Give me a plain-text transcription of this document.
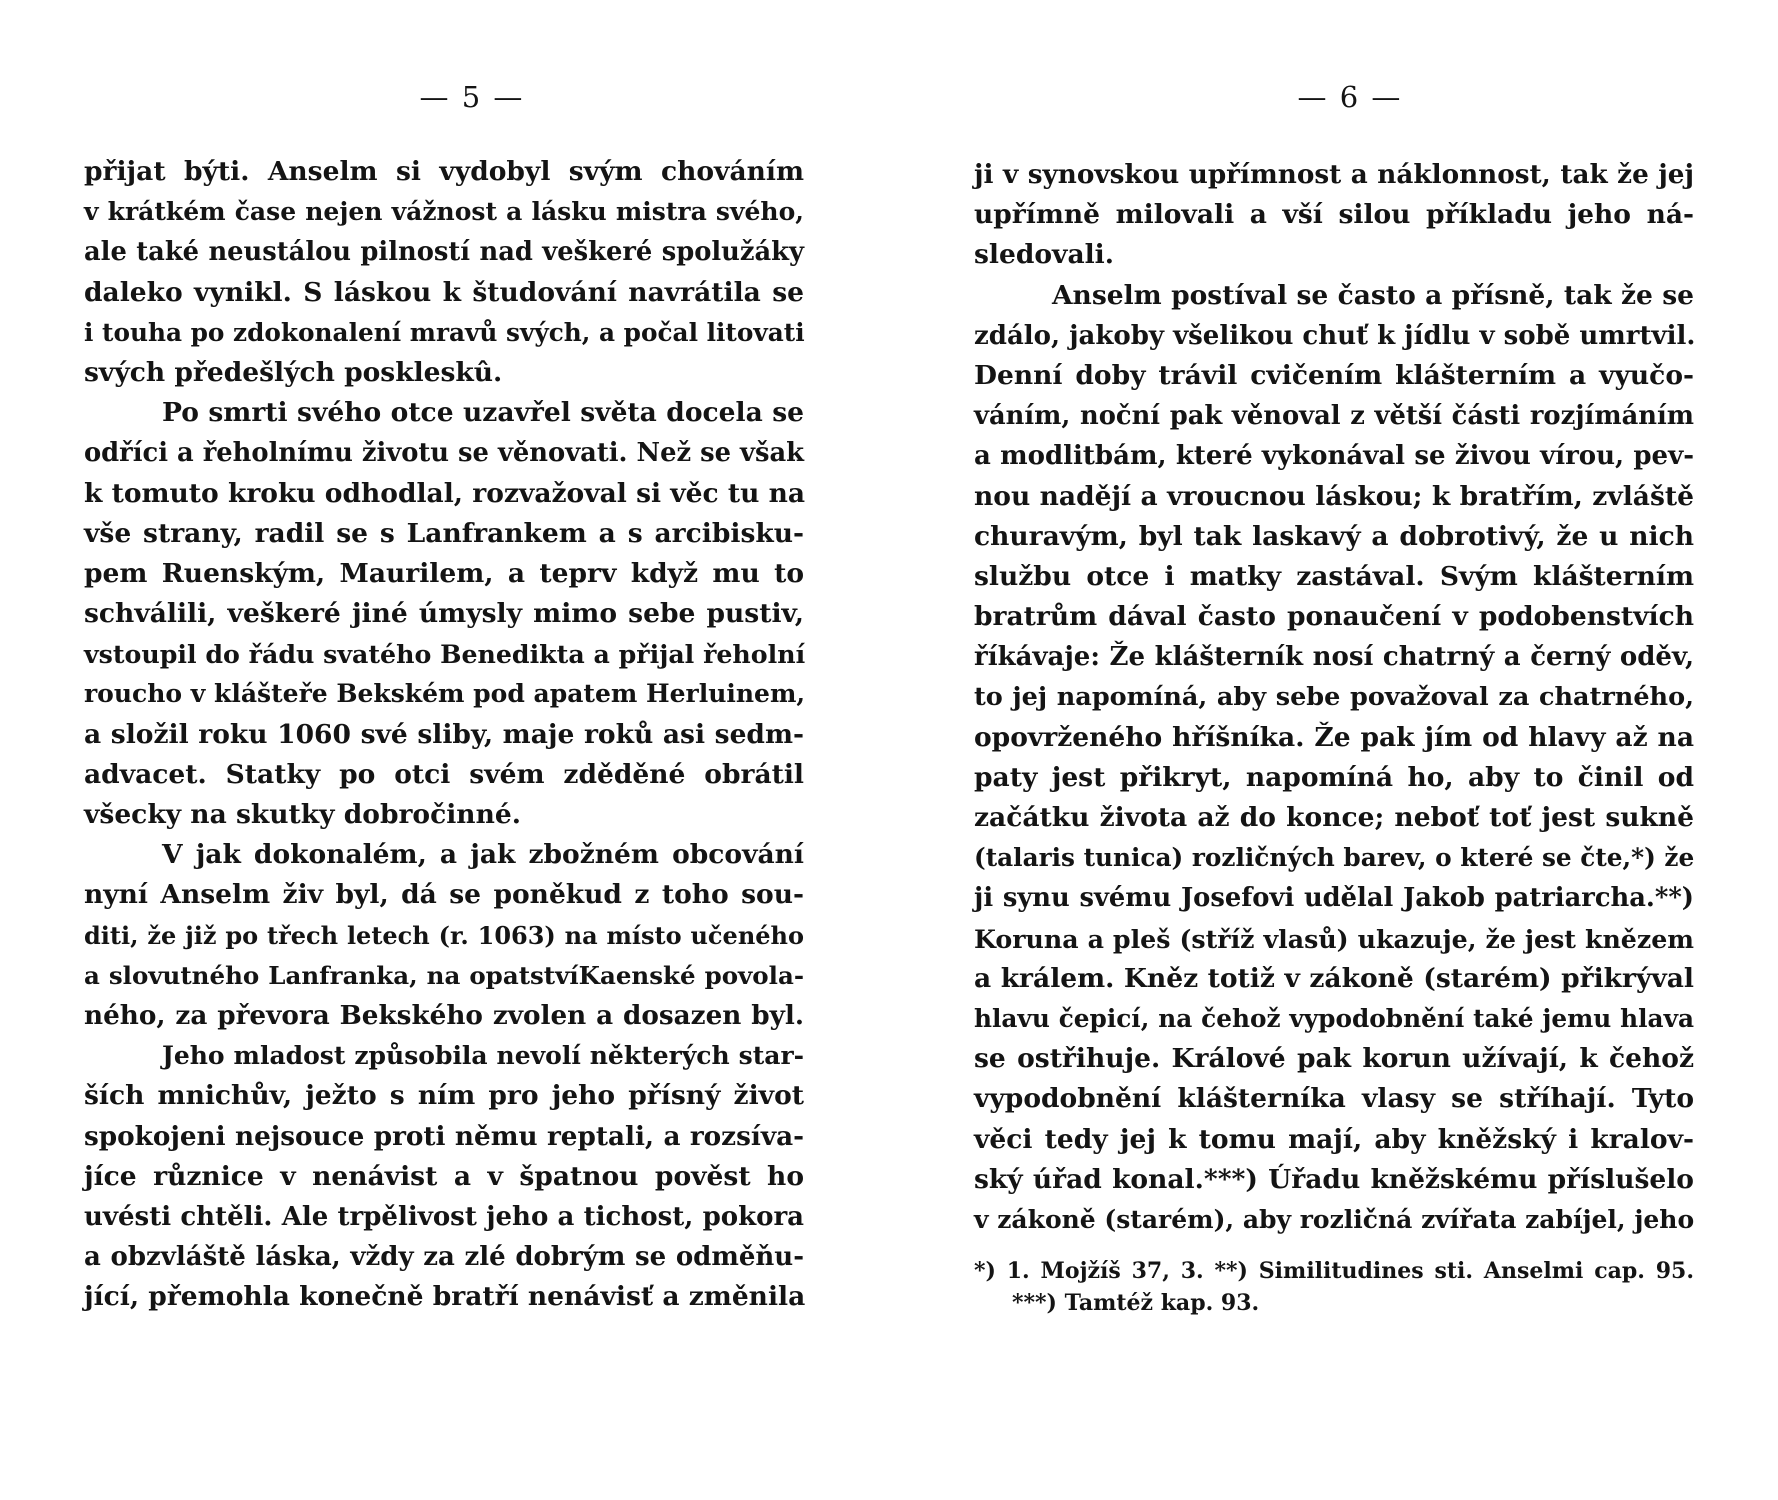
— 5 —
přijat býti. Anselm si vydobyl svým chováním
v krátkém čase nejen vážnost a lásku mistra svého,
ale také neustálou pilností nad veškeré spolužáky
daleko vynikl. S láskou k študování navrátila se
i touha po zdokonalení mravů svých, a počal litovati
svých předešlých poskleskû.
Po smrti svého otce uzavřel světa docela se
odříci a řeholnímu životu se věnovati. Než se však
k tomuto kroku odhodlal, rozvažoval si věc tu na
vše strany, radil se s Lanfrankem a s arcibisku-
pem Ruenským, Maurilem, a teprv když mu to
schválili, veškeré jiné úmysly mimo sebe pustiv,
vstoupil do řádu svatého Benedikta a přijal řeholní
roucho v klášteře Bekském pod apatem Herluinem,
a složil roku 1060 své sliby, maje roků asi sedm-
advacet. Statky po otci svém zděděné obrátil
všecky na skutky dobročinné.
V jak dokonalém, a jak zbožném obcování
nyní Anselm živ byl, dá se poněkud z toho sou-
diti, že již po třech letech (r. 1063) na místo učeného
a slovutného Lanfranka, na opatstvíKaenské povola-
ného, za převora Bekského zvolen a dosazen byl.
Jeho mladost způsobila nevolí některých star-
ších mnichův, ježto s ním pro jeho přísný život
spokojeni nejsouce proti němu reptali, a rozsíva-
jíce různice v nenávist a v špatnou pověst ho
uvésti chtěli. Ale trpělivost jeho a tichost, pokora
a obzvláště láska, vždy za zlé dobrým se odměňu-
jící, přemohla konečně bratří nenávisť a změnila
— 6 —
ji v synovskou upřímnost a náklonnost, tak že jej
upřímně milovali a vší silou příkladu jeho ná-
sledovali.
Anselm postíval se často a přísně, tak že se
zdálo, jakoby všelikou chuť k jídlu v sobě umrtvil.
Denní doby trávil cvičením klášterním a vyučo-
váním, noční pak věnoval z větší části rozjímáním
a modlitbám, které vykonával se živou vírou, pev-
nou nadějí a vroucnou láskou; k bratřím, zvláště
churavým, byl tak laskavý a dobrotivý, že u nich
službu otce i matky zastával. Svým klášterním
bratrům dával často ponaučení v podobenstvích
říkávaje: Že klášterník nosí chatrný a černý oděv,
to jej napomíná, aby sebe považoval za chatrného,
opovrženého hříšníka. Že pak jím od hlavy až na
paty jest přikryt, napomíná ho, aby to činil od
začátku života až do konce; neboť toť jest sukně
(talaris tunica) rozličných barev, o které se čte,*) že
ji synu svému Josefovi udělal Jakob patriarcha.**)
Koruna a pleš (stříž vlasů) ukazuje, že jest knězem
a králem. Kněz totiž v zákoně (starém) přikrýval
hlavu čepicí, na čehož vypodobnění také jemu hlava
se ostřihuje. Králové pak korun užívají, k čehož
vypodobnění klášterníka vlasy se stříhají. Tyto
věci tedy jej k tomu mají, aby kněžský i kralov-
ský úřad konal.***) Úřadu kněžskému příslušelo
v zákoně (starém), aby rozličná zvířata zabíjel, jeho
*) 1. Mojžíš 37, 3. **) Similitudines sti. Anselmi cap. 95.
***) Tamtéž kap. 93.
